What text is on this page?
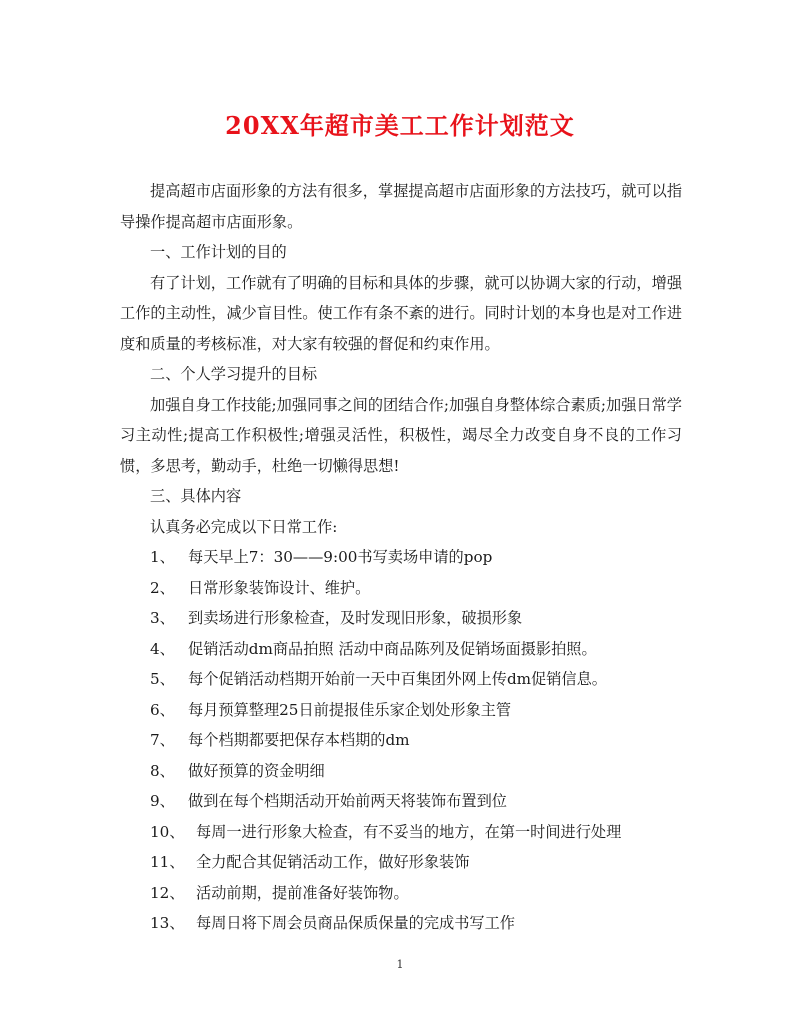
20XX年超市美工工作计划范文

提高超市店面形象的方法有很多，掌握提高超市店面形象的方法技巧，就可以指导操作提高超市店面形象。

一、工作计划的目的

有了计划，工作就有了明确的目标和具体的步骤，就可以协调大家的行动，增强工作的主动性，减少盲目性。使工作有条不紊的进行。同时计划的本身也是对工作进度和质量的考核标准，对大家有较强的督促和约束作用。

二、个人学习提升的目标

加强自身工作技能;加强同事之间的团结合作;加强自身整体综合素质;加强日常学习主动性;提高工作积极性;增强灵活性，积极性，竭尽全力改变自身不良的工作习惯，多思考，勤动手，杜绝一切懒得思想!

三、具体内容

认真务必完成以下日常工作:

1、 每天早上7：30——9:00书写卖场申请的pop
2、 日常形象装饰设计、维护。
3、 到卖场进行形象检查，及时发现旧形象，破损形象
4、 促销活动dm商品拍照 活动中商品陈列及促销场面摄影拍照。
5、 每个促销活动档期开始前一天中百集团外网上传dm促销信息。
6、 每月预算整理25日前提报佳乐家企划处形象主管
7、 每个档期都要把保存本档期的dm
8、 做好预算的资金明细
9、 做到在每个档期活动开始前两天将装饰布置到位
10、 每周一进行形象大检查，有不妥当的地方，在第一时间进行处理
11、 全力配合其促销活动工作，做好形象装饰
12、 活动前期，提前准备好装饰物。
13、 每周日将下周会员商品保质保量的完成书写工作
1
